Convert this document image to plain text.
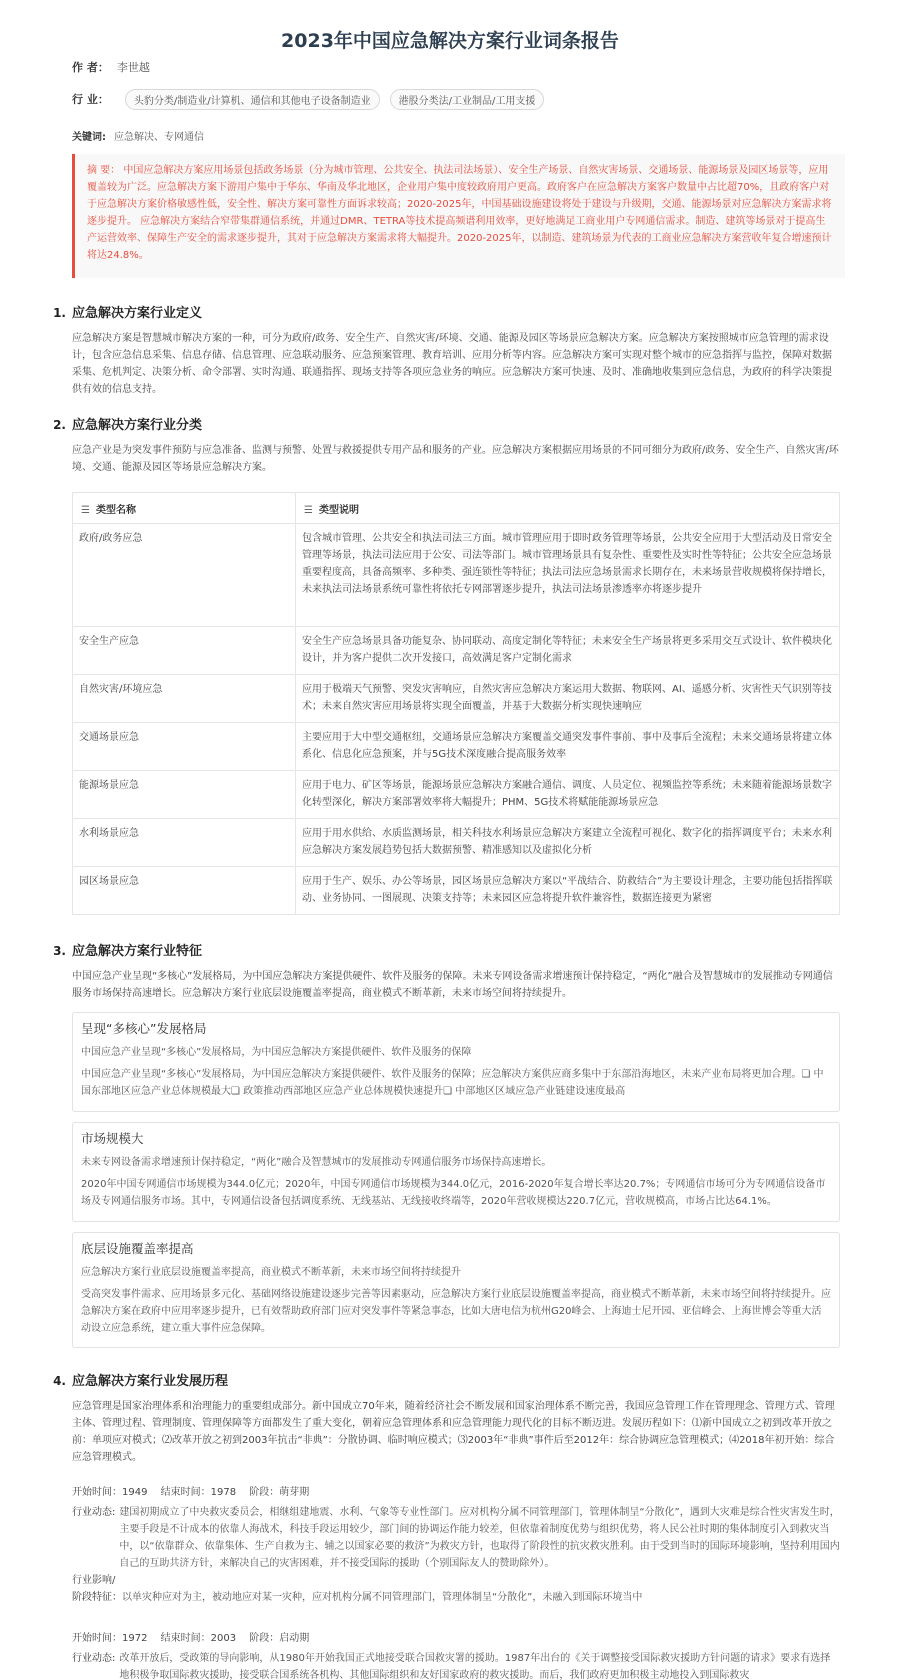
2023年中国应急解决方案行业词条报告
作 者： 李世越
行 业：	头豹分类/制造业/计算机、通信和其他电子设备制造业	港股分类法/工业制品/工用支援
关键词: 应急解决、专网通信
摘 要： 中国应急解决方案应用场景包括政务场景（分为城市管理、公共安全、执法司法场景）、安全生产场景、自然灾害场景、交通场景、能源场景及园区场景等，应用覆盖较为广泛。应急解决方案下游用户集中于华东、华南及华北地区，企业用户集中度较政府用户更高。政府客户在应急解决方案客户数量中占比超70%，且政府客户对于应急解决方案价格敏感性低，安全性、解决方案可靠性方面诉求较高；2020-2025年，中国基础设施建设将处于建设与升级期，交通、能源场景对应急解决方案需求将逐步提升。 应急解决方案结合窄带集群通信系统，并通过DMR、TETRA等技术提高频谱利用效率，更好地满足工商业用户专网通信需求。制造、建筑等场景对于提高生产运营效率、保障生产安全的需求逐步提升，其对于应急解决方案需求将大幅提升。2020-2025年，以制造、建筑场景为代表的工商业应急解决方案营收年复合增速预计将达24.8%。
1. 应急解决方案行业定义
应急解决方案是智慧城市解决方案的一种，可分为政府/政务、安全生产、自然灾害/环境、交通、能源及园区等场景应急解决方案。应急解决方案按照城市应急管理的需求设计，包含应急信息采集、信息存储、信息管理、应急联动服务、应急预案管理、教育培训、应用分析等内容。应急解决方案可实现对整个城市的应急指挥与监控，保障对数据采集、危机判定、决策分析、命令部署、实时沟通、联通指挥、现场支持等各项应急业务的响应。应急解决方案可快速、及时、准确地收集到应急信息，为政府的科学决策提供有效的信息支持。
2. 应急解决方案行业分类
应急产业是为突发事件预防与应急准备、监测与预警、处置与救援提供专用产品和服务的产业。应急解决方案根据应用场景的不同可细分为政府/政务、安全生产、自然灾害/环境、交通、能源及园区等场景应急解决方案。
☰ 类型名称	☰ 类型说明
政府/政务应急	包含城市管理、公共安全和执法司法三方面。城市管理应用于即时政务管理等场景，公共安全应用于大型活动及日常安全管理等场景，执法司法应用于公安、司法等部门。城市管理场景具有复杂性、重要性及实时性等特征；公共安全应急场景重要程度高，具备高频率、多种类、强连锁性等特征；执法司法应急场景需求长期存在，未来场景营收规模将保持增长，未来执法司法场景系统可靠性将依托专网部署逐步提升，执法司法场景渗透率亦将逐步提升
安全生产应急	安全生产应急场景具备功能复杂、协同联动、高度定制化等特征；未来安全生产场景将更多采用交互式设计、软件模块化设计，并为客户提供二次开发接口，高效满足客户定制化需求
自然灾害/环境应急	应用于极端天气预警、突发灾害响应，自然灾害应急解决方案运用大数据、物联网、AI、遥感分析、灾害性天气识别等技术；未来自然灾害应用场景将实现全面覆盖，并基于大数据分析实现快速响应
交通场景应急	主要应用于大中型交通枢纽，交通场景应急解决方案覆盖交通突发事件事前、事中及事后全流程；未来交通场景将建立体系化、信息化应急预案，并与5G技术深度融合提高服务效率
能源场景应急	应用于电力、矿区等场景，能源场景应急解决方案融合通信、调度、人员定位、视频监控等系统；未来随着能源场景数字化转型深化，解决方案部署效率将大幅提升；PHM、5G技术将赋能能源场景应急
水利场景应急	应用于用水供给、水质监测场景，相关科技水利场景应急解决方案建立全流程可视化、数字化的指挥调度平台；未来水利应急解决方案发展趋势包括大数据预警、精准感知以及虚拟化分析
园区场景应急	应用于生产、娱乐、办公等场景，园区场景应急解决方案以“平战结合、防救结合”为主要设计理念，主要功能包括指挥联动、业务协同、一图展现、决策支持等；未来园区应急将提升软件兼容性，数据连接更为紧密
3. 应急解决方案行业特征
中国应急产业呈现“多核心”发展格局，为中国应急解决方案提供硬件、软件及服务的保障。未来专网设备需求增速预计保持稳定，“两化”融合及智慧城市的发展推动专网通信服务市场保持高速增长。应急解决方案行业底层设施覆盖率提高，商业模式不断革新，未来市场空间将持续提升。
呈现“多核心”发展格局
中国应急产业呈现“多核心”发展格局，为中国应急解决方案提供硬件、软件及服务的保障
中国应急产业呈现“多核心”发展格局，为中国应急解决方案提供硬件、软件及服务的保障；应急解决方案供应商多集中于东部沿海地区，未来产业布局将更加合理。❏ 中国东部地区应急产业总体规模最大❏ 政策推动西部地区应急产业总体规模快速提升❏ 中部地区区域应急产业链建设速度最高
市场规模大
未来专网设备需求增速预计保持稳定，“两化”融合及智慧城市的发展推动专网通信服务市场保持高速增长。
2020年中国专网通信市场规模为344.0亿元；2020年，中国专网通信市场规模为344.0亿元，2016-2020年复合增长率达20.7%；专网通信市场可分为专网通信设备市场及专网通信服务市场。其中，专网通信设备包括调度系统、无线基站、无线接收终端等，2020年营收规模达220.7亿元，营收规模高，市场占比达64.1%。
底层设施覆盖率提高
应急解决方案行业底层设施覆盖率提高，商业模式不断革新，未来市场空间将持续提升
受高突发事件需求、应用场景多元化、基础网络设施建设逐步完善等因素驱动，应急解决方案行业底层设施覆盖率提高，商业模式不断革新，未来市场空间将持续提升。应急解决方案在政府中应用率逐步提升，已有效帮助政府部门应对突发事件等紧急事态，比如大唐电信为杭州G20峰会、上海迪士尼开园、亚信峰会、上海世博会等重大活动设立应急系统，建立重大事件应急保障。
4. 应急解决方案行业发展历程
应急管理是国家治理体系和治理能力的重要组成部分。新中国成立70年来，随着经济社会不断发展和国家治理体系不断完善，我国应急管理工作在管理理念、管理方式、管理主体、管理过程、管理制度、管理保障等方面都发生了重大变化，朝着应急管理体系和应急管理能力现代化的目标不断迈进。发展历程如下：⑴新中国成立之初到改革开放之前：单项应对模式；⑵改革开放之初到2003年抗击“非典”：分散协调、临时响应模式；⑶2003年“非典”事件后至2012年：综合协调应急管理模式；⑷2018年初开始：综合应急管理模式。
开始时间：1949 结束时间：1978 阶段：萌芽期
行业动态: 建国初期成立了中央救灾委员会，相继组建地震、水利、气象等专业性部门。应对机构分属不同管理部门，管理体制呈“分散化”，遇到大灾难是综合性灾害发生时，主要手段是不计成本的依靠人海战术，科技手段运用较少，部门间的协调运作能力较差，但依靠着制度优势与组织优势，将人民公社时期的集体制度引入到救灾当中，以“依靠群众、依靠集体、生产自救为主、辅之以国家必要的救济”为救灾方针，也取得了阶段性的抗灾救灾胜利。由于受到当时的国际环境影响，坚持利用国内自己的互助共济方针，来解决自己的灾害困难，并不接受国际的援助（个别国际友人的赞助除外）。
行业影响/
阶段特征： 以单灾种应对为主，被动地应对某一灾种，应对机构分属不同管理部门，管理体制呈“分散化”，未融入到国际环境当中
开始时间：1972 结束时间：2003 阶段：启动期
行业动态: 改革开放后，受政策的导向影响，从1980年开始我国正式地接受联合国救灾署的援助。1987年出台的《关于调整接受国际救灾援助方针问题的请求》要求有选择地积极争取国际救灾援助，接受联合国系统各机构、其他国际组织和友好国家政府的救灾援助。而后，我们政府更加积极主动地投入到国际救灾
